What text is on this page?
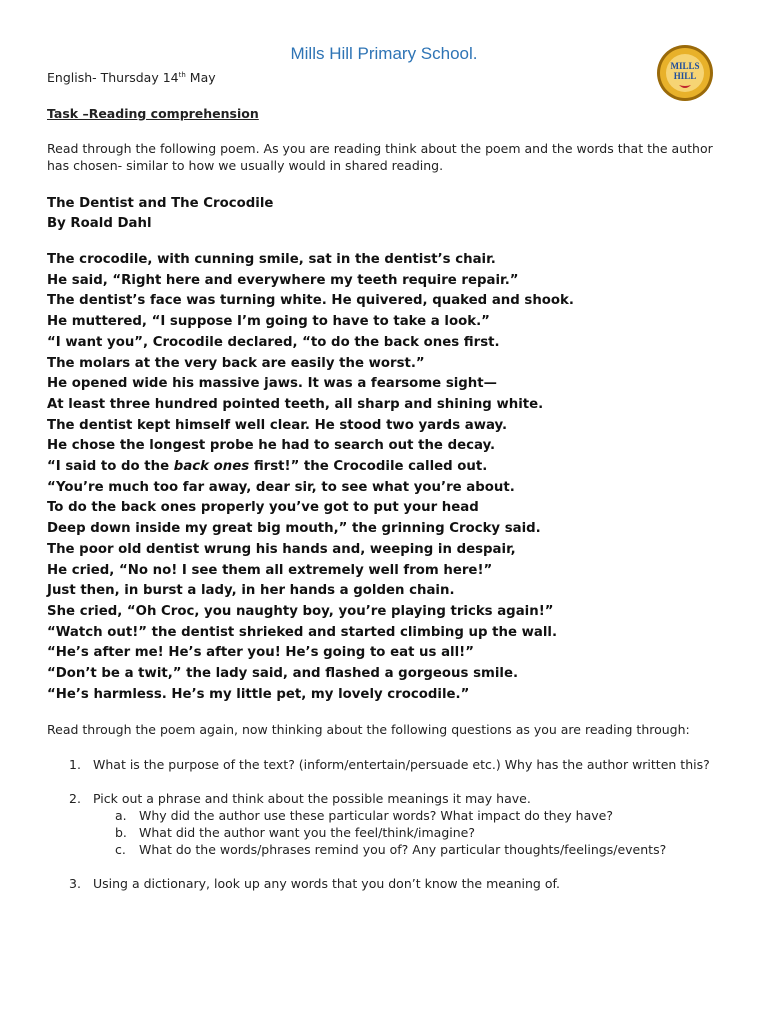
Mills Hill Primary School.
MILLS
HILL
English- Thursday 14th May
Task –Reading comprehension

Read through the following poem. As you are reading think about the poem and the words that the author has chosen- similar to how we usually would in shared reading.

The Dentist and The Crocodile
By Roald Dahl
The crocodile, with cunning smile, sat in the dentist’s chair.
He said, “Right here and everywhere my teeth require repair.”
The dentist’s face was turning white. He quivered, quaked and shook.
He muttered, “I suppose I’m going to have to take a look.”
“I want you”, Crocodile declared, “to do the back ones first.
The molars at the very back are easily the worst.”
He opened wide his massive jaws. It was a fearsome sight—
At least three hundred pointed teeth, all sharp and shining white.
The dentist kept himself well clear. He stood two yards away.
He chose the longest probe he had to search out the decay.
“I said to do the back ones first!” the Crocodile called out.
“You’re much too far away, dear sir, to see what you’re about.
To do the back ones properly you’ve got to put your head
Deep down inside my great big mouth,” the grinning Crocky said.
The poor old dentist wrung his hands and, weeping in despair,
He cried, “No no! I see them all extremely well from here!”
Just then, in burst a lady, in her hands a golden chain.
She cried, “Oh Croc, you naughty boy, you’re playing tricks again!”
“Watch out!” the dentist shrieked and started climbing up the wall.
“He’s after me! He’s after you! He’s going to eat us all!”
“Don’t be a twit,” the lady said, and flashed a gorgeous smile.
“He’s harmless. He’s my little pet, my lovely crocodile.”

Read through the poem again, now thinking about the following questions as you are reading through:

1. What is the purpose of the text? (inform/entertain/persuade etc.) Why has the author written this?
2. Pick out a phrase and think about the possible meanings it may have.
a. Why did the author use these particular words? What impact do they have?
b. What did the author want you the feel/think/imagine?
c. What do the words/phrases remind you of? Any particular thoughts/feelings/events?
3. Using a dictionary, look up any words that you don’t know the meaning of.
